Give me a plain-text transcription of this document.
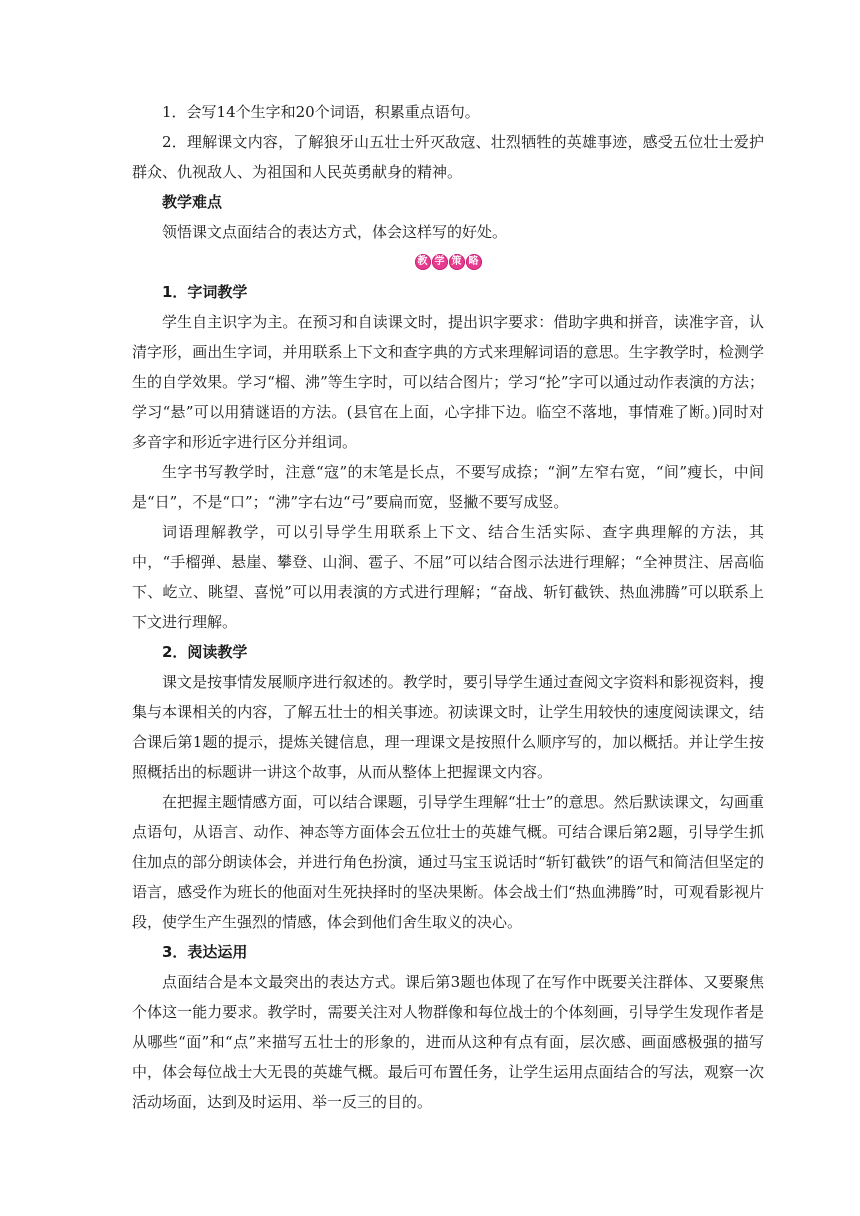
1．会写14个生字和20个词语，积累重点语句。

2．理解课文内容，了解狼牙山五壮士歼灭敌寇、壮烈牺牲的英雄事迹，感受五位壮士爱护群众、仇视敌人、为祖国和人民英勇献身的精神。

教学难点

领悟课文点面结合的表达方式，体会这样写的好处。

教 学 策 略

1．字词教学

学生自主识字为主。在预习和自读课文时，提出识字要求：借助字典和拼音，读准字音，认清字形，画出生字词，并用联系上下文和查字典的方式来理解词语的意思。生字教学时，检测学生的自学效果。学习“榴、沸”等生字时，可以结合图片；学习“抡”字可以通过动作表演的方法；学习“悬”可以用猜谜语的方法。(县官在上面，心字排下边。临空不落地，事情难了断。)同时对多音字和形近字进行区分并组词。

生字书写教学时，注意“寇”的末笔是长点，不要写成捺；“涧”左窄右宽，“间”瘦长，中间是“日”，不是“口”；“沸”字右边“弓”要扁而宽，竖撇不要写成竖。

词语理解教学，可以引导学生用联系上下文、结合生活实际、查字典理解的方法，其中，“手榴弹、悬崖、攀登、山涧、雹子、不屈”可以结合图示法进行理解；“全神贯注、居高临下、屹立、眺望、喜悦”可以用表演的方式进行理解；“奋战、斩钉截铁、热血沸腾”可以联系上下文进行理解。

2．阅读教学

课文是按事情发展顺序进行叙述的。教学时，要引导学生通过查阅文字资料和影视资料，搜集与本课相关的内容，了解五壮士的相关事迹。初读课文时，让学生用较快的速度阅读课文，结合课后第1题的提示，提炼关键信息，理一理课文是按照什么顺序写的，加以概括。并让学生按照概括出的标题讲一讲这个故事，从而从整体上把握课文内容。

在把握主题情感方面，可以结合课题，引导学生理解“壮士”的意思。然后默读课文，勾画重点语句，从语言、动作、神态等方面体会五位壮士的英雄气概。可结合课后第2题，引导学生抓住加点的部分朗读体会，并进行角色扮演，通过马宝玉说话时“斩钉截铁”的语气和简洁但坚定的语言，感受作为班长的他面对生死抉择时的坚决果断。体会战士们“热血沸腾”时，可观看影视片段，使学生产生强烈的情感，体会到他们舍生取义的决心。

3．表达运用

点面结合是本文最突出的表达方式。课后第3题也体现了在写作中既要关注群体、又要聚焦个体这一能力要求。教学时，需要关注对人物群像和每位战士的个体刻画，引导学生发现作者是从哪些“面”和“点”来描写五壮士的形象的，进而从这种有点有面，层次感、画面感极强的描写中，体会每位战士大无畏的英雄气概。最后可布置任务，让学生运用点面结合的写法，观察一次活动场面，达到及时运用、举一反三的目的。
